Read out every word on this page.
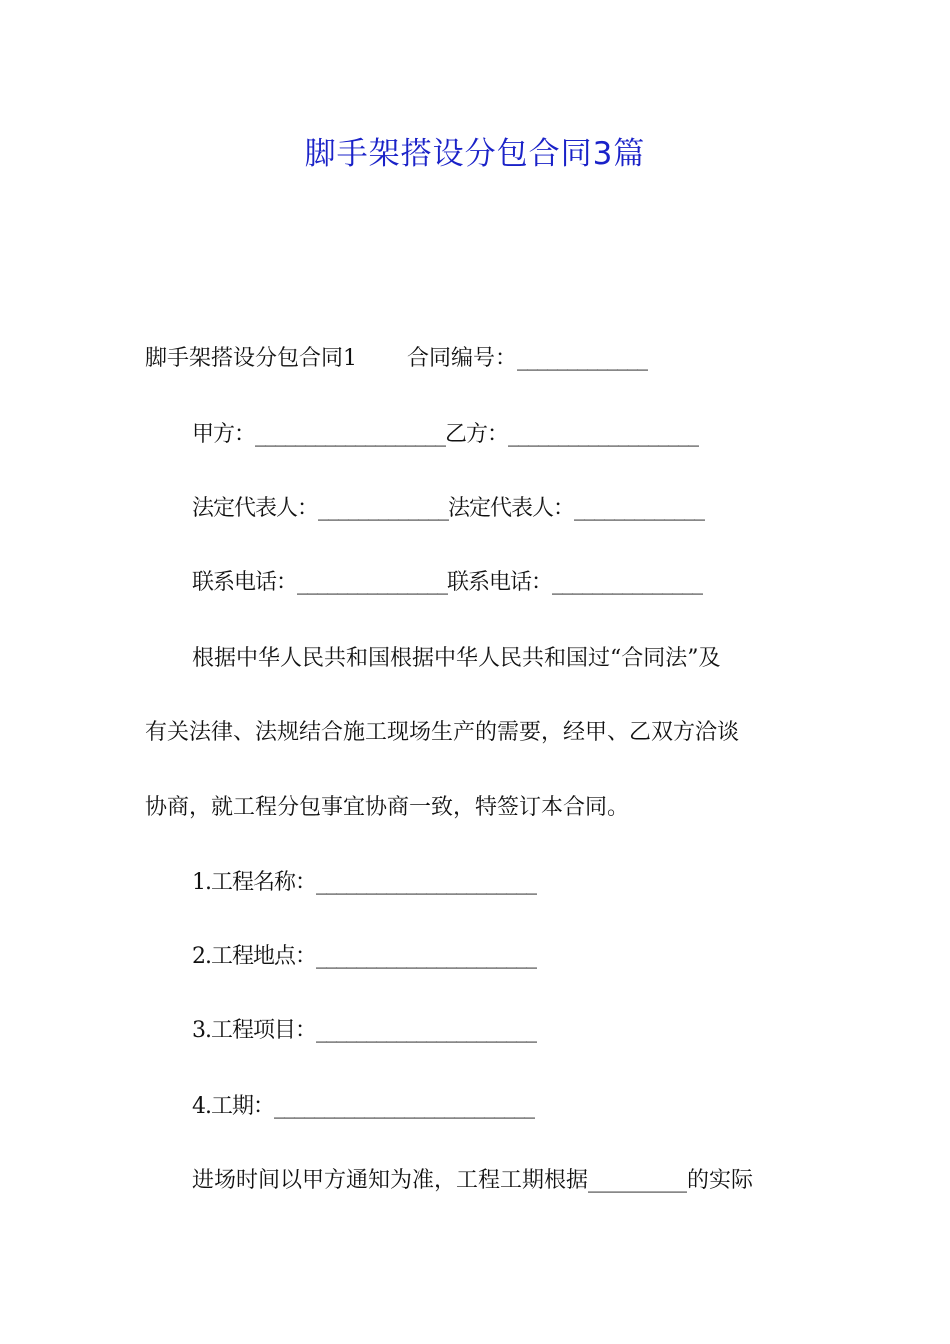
脚手架搭设分包合同3篇
脚手架搭设分包合同1 合同编号：_____________
甲方：___________________乙方：___________________
法定代表人：_____________法定代表人：_____________
联系电话：_______________联系电话：_______________
根据中华人民共和国根据中华人民共和国过“合同法”及
有关法律、法规结合施工现场生产的需要，经甲、乙双方洽谈
协商，就工程分包事宜协商一致，特签订本合同。
1.工程名称：______________________
2.工程地点：______________________
3.工程项目：______________________
4.工期：__________________________
进场时间以甲方通知为准，工程工期根据_________的实际
